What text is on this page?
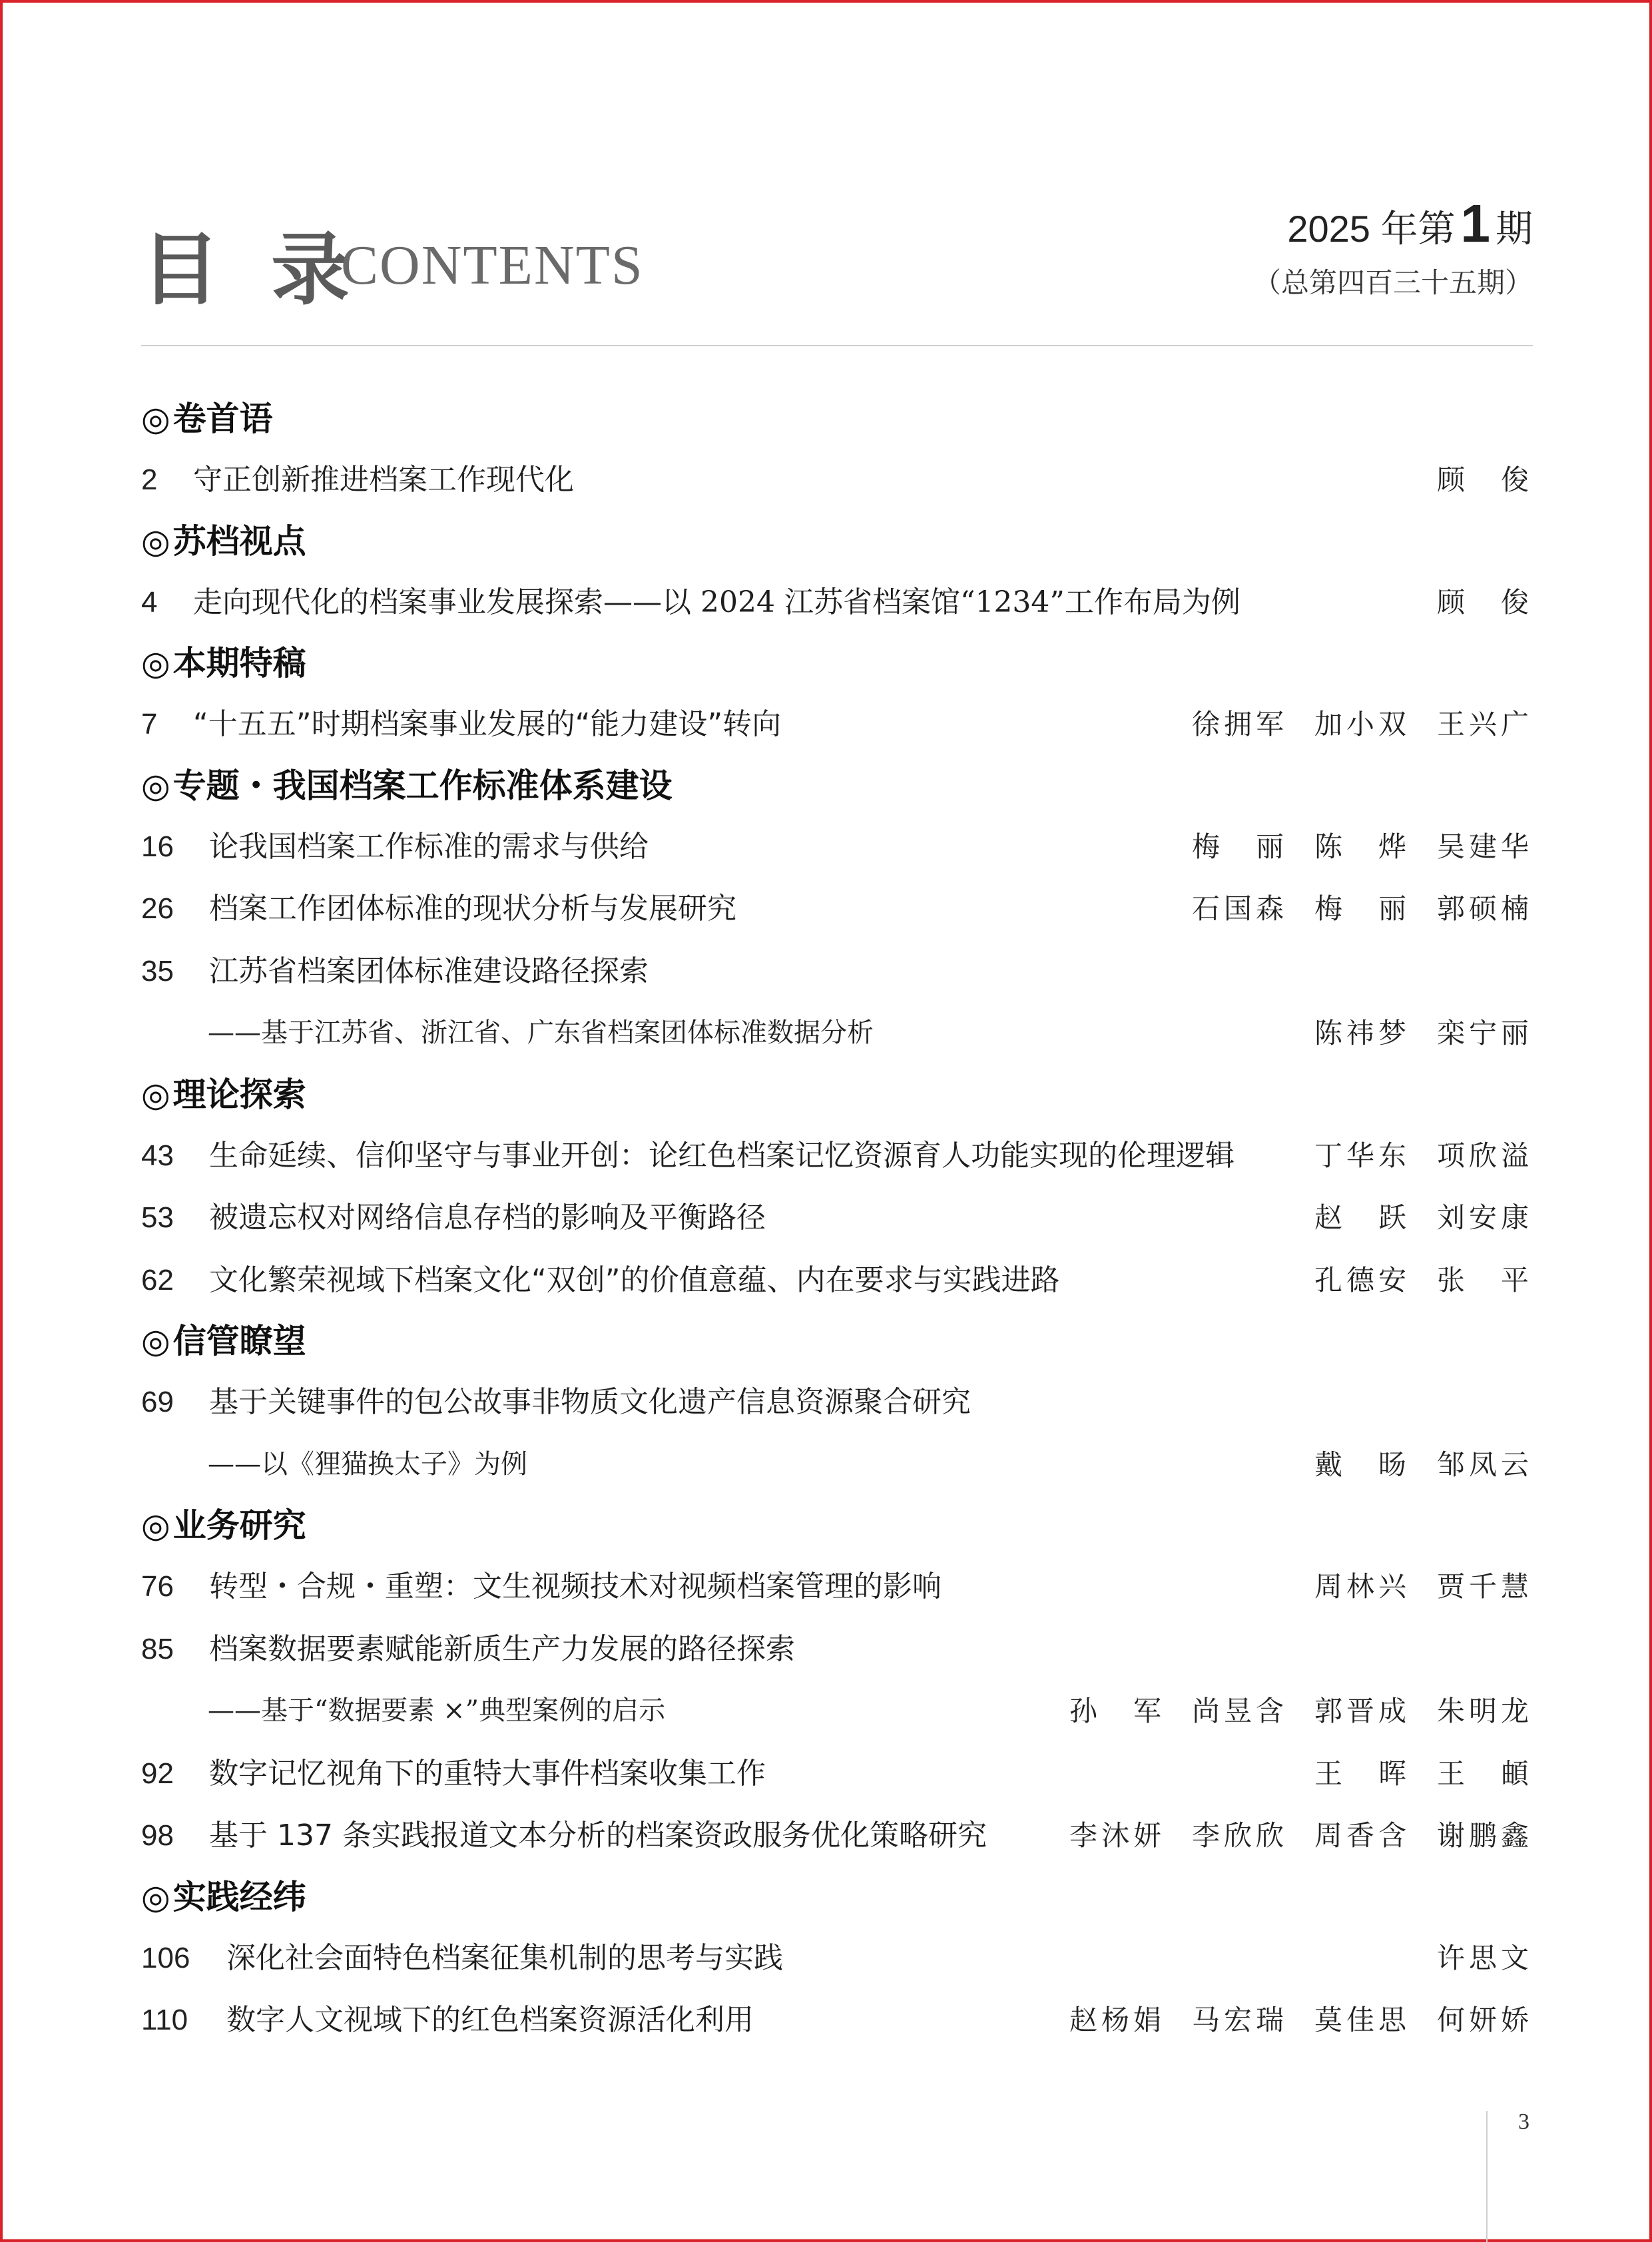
目 录
CONTENTS
2025 年第 1 期
（总第四百三十五期）
◎卷首语
2	守正创新推进档案工作现代化	顾　俊
◎苏档视点
4	走向现代化的档案事业发展探索——以 2024 江苏省档案馆“1234”工作布局为例	顾　俊
◎本期特稿
7	“十五五”时期档案事业发展的“能力建设”转向	徐拥军 加小双 王兴广
◎专题・我国档案工作标准体系建设
16	论我国档案工作标准的需求与供给	梅　丽 陈　烨 吴建华
26	档案工作团体标准的现状分析与发展研究	石国森 梅　丽 郭硕楠
35	江苏省档案团体标准建设路径探索
——基于江苏省、浙江省、广东省档案团体标准数据分析	陈祎梦 栾宁丽
◎理论探索
43	生命延续、信仰坚守与事业开创：论红色档案记忆资源育人功能实现的伦理逻辑	丁华东 项欣溢
53	被遗忘权对网络信息存档的影响及平衡路径	赵　跃 刘安康
62	文化繁荣视域下档案文化“双创”的价值意蕴、内在要求与实践进路	孔德安 张　平
◎信管瞭望
69	基于关键事件的包公故事非物质文化遗产信息资源聚合研究
——以《狸猫换太子》为例	戴　旸 邹凤云
◎业务研究
76	转型・合规・重塑：文生视频技术对视频档案管理的影响	周林兴 贾千慧
85	档案数据要素赋能新质生产力发展的路径探索
——基于“数据要素 ×”典型案例的启示	孙　军 尚昱含 郭晋成 朱明龙
92	数字记忆视角下的重特大事件档案收集工作	王　晖 王　頔
98	基于 137 条实践报道文本分析的档案资政服务优化策略研究	李沐妍 李欣欣 周香含 谢鹏鑫
◎实践经纬
106	深化社会面特色档案征集机制的思考与实践	许思文
110	数字人文视域下的红色档案资源活化利用	赵杨娟 马宏瑞 莫佳思 何妍娇
3
